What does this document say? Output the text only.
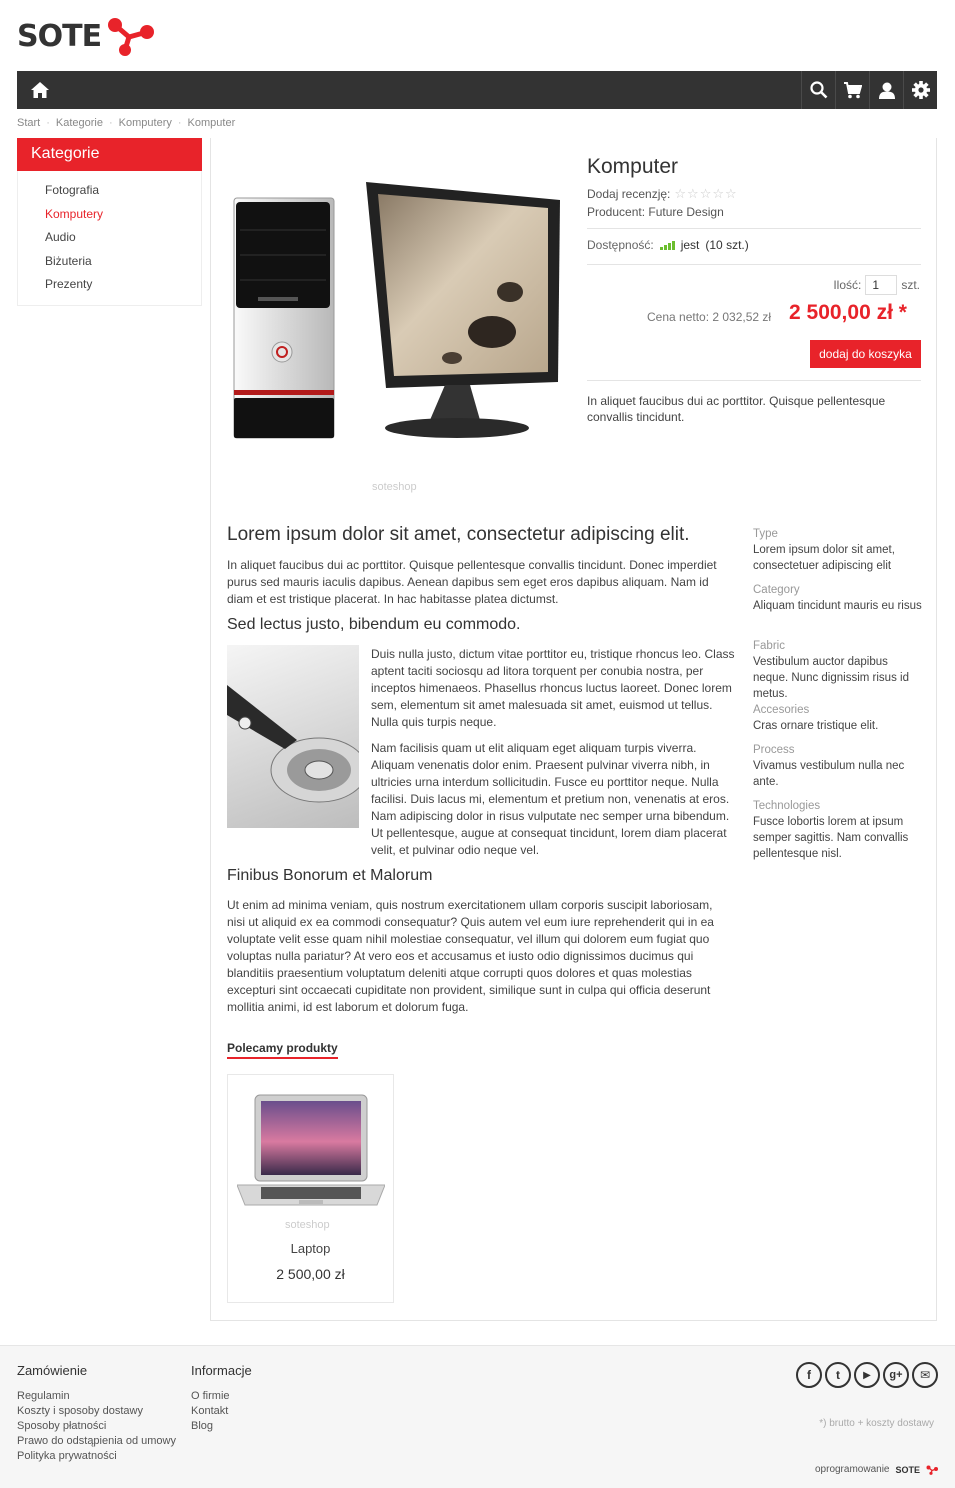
SOTE
Start · Kategorie · Komputery · Komputer
Kategorie
Fotografia
Komputery
Audio
Biżuteria
Prezenty
soteshop
Komputer
Dodaj recenzję: ☆☆☆☆☆
Producent: Future Design
Dostępność: jest (10 szt.)
Ilość:
1	szt.
Cena netto: 2 032,52 zł 2 500,00 zł *
dodaj do koszyka
In aliquet faucibus dui ac porttitor. Quisque pellentesque convallis tincidunt.
Lorem ipsum dolor sit amet, consectetur adipiscing elit.
In aliquet faucibus dui ac porttitor. Quisque pellentesque convallis tincidunt. Donec imperdiet purus sed mauris iaculis dapibus. Aenean dapibus sem eget eros dapibus aliquam. Nam id diam et est tristique placerat. In hac habitasse platea dictumst.
Sed lectus justo, bibendum eu commodo.
Duis nulla justo, dictum vitae porttitor eu, tristique rhoncus leo. Class aptent taciti sociosqu ad litora torquent per conubia nostra, per inceptos himenaeos. Phasellus rhoncus luctus laoreet. Donec lorem sem, elementum sit amet malesuada sit amet, euismod ut tellus. Nulla quis turpis neque.
Nam facilisis quam ut elit aliquam eget aliquam turpis viverra. Aliquam venenatis dolor enim. Praesent pulvinar viverra nibh, in ultricies urna interdum sollicitudin. Fusce eu porttitor neque. Nulla facilisi. Duis lacus mi, elementum et pretium non, venenatis at eros. Nam adipiscing dolor in risus vulputate nec semper urna bibendum. Ut pellentesque, augue at consequat tincidunt, lorem diam placerat velit, et pulvinar odio neque vel.
Finibus Bonorum et Malorum
Ut enim ad minima veniam, quis nostrum exercitationem ullam corporis suscipit laboriosam, nisi ut aliquid ex ea commodi consequatur? Quis autem vel eum iure reprehenderit qui in ea voluptate velit esse quam nihil molestiae consequatur, vel illum qui dolorem eum fugiat quo voluptas nulla pariatur? At vero eos et accusamus et iusto odio dignissimos ducimus qui blanditiis praesentium voluptatum deleniti atque corrupti quos dolores et quas molestias excepturi sint occaecati cupiditate non provident, similique sunt in culpa qui officia deserunt mollitia animi, id est laborum et dolorum fuga.
Type
Lorem ipsum dolor sit amet, consectetuer adipiscing elit
Category
Aliquam tincidunt mauris eu risus
Fabric
Vestibulum auctor dapibus neque. Nunc dignissim risus id metus.
Accesories
Cras ornare tristique elit.
Process
Vivamus vestibulum nulla nec ante.
Technologies
Fusce lobortis lorem at ipsum semper sagittis. Nam convallis pellentesque nisl.
Polecamy produkty
soteshop
Laptop
2 500,00 zł
Zamówienie
Regulamin
Koszty i sposoby dostawy
Sposoby płatności
Prawo do odstąpienia od umowy
Polityka prywatności
Informacje
O firmie
Kontakt
Blog
f	t	▶	g+	✉
*) brutto + koszty dostawy
oprogramowanie SOTE
